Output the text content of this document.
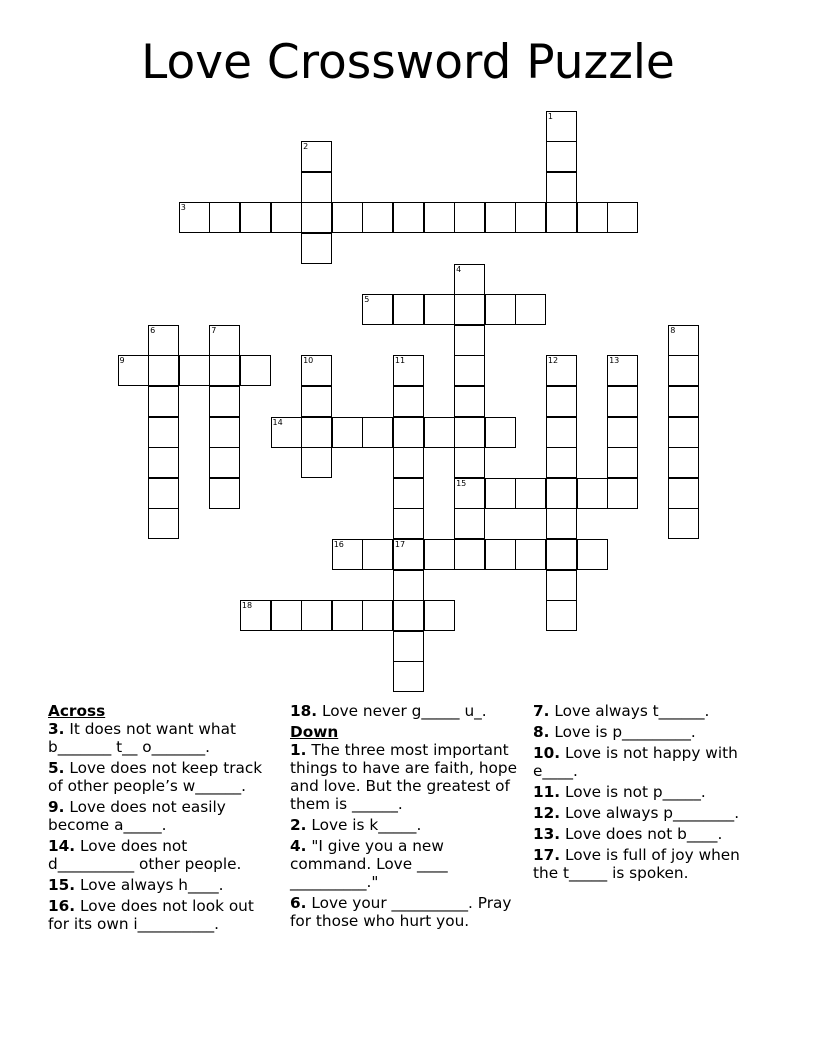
Love Crossword Puzzle
1
2
3
4
15
5
6	7	8
9	10	11	12	13
14
16	17
18
Across
3. It does not want what b_______ t__ o_______.
5. Love does not keep track of other people’s w______.
9. Love does not easily become a_____.
14. Love does not d__________ other people.
15. Love always h____.
16. Love does not look out for its own i__________.
18. Love never g_____ u_.
Down
1. The three most important things to have are faith, hope and love. But the greatest of them is ______.
2. Love is k_____.
4. "I give you a new command. Love ____ __________."
6. Love your __________. Pray for those who hurt you.
7. Love always t______.
8. Love is p_________.
10. Love is not happy with e____.
11. Love is not p_____.
12. Love always p________.
13. Love does not b____.
17. Love is full of joy when the t_____ is spoken.
